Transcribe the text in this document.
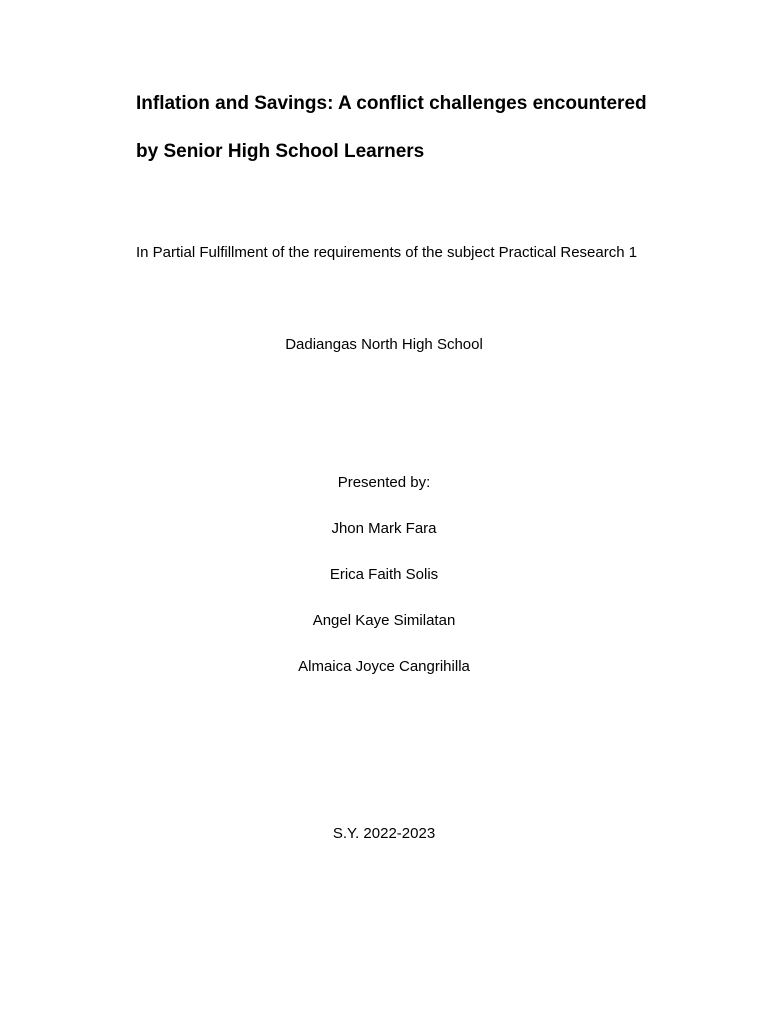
Inflation and Savings: A conflict challenges encountered
by Senior High School Learners

In Partial Fulfillment of the requirements of the subject Practical Research 1

Dadiangas North High School

Presented by:

Jhon Mark Fara

Erica Faith Solis

Angel Kaye Similatan

Almaica Joyce Cangrihilla

S.Y. 2022-2023
